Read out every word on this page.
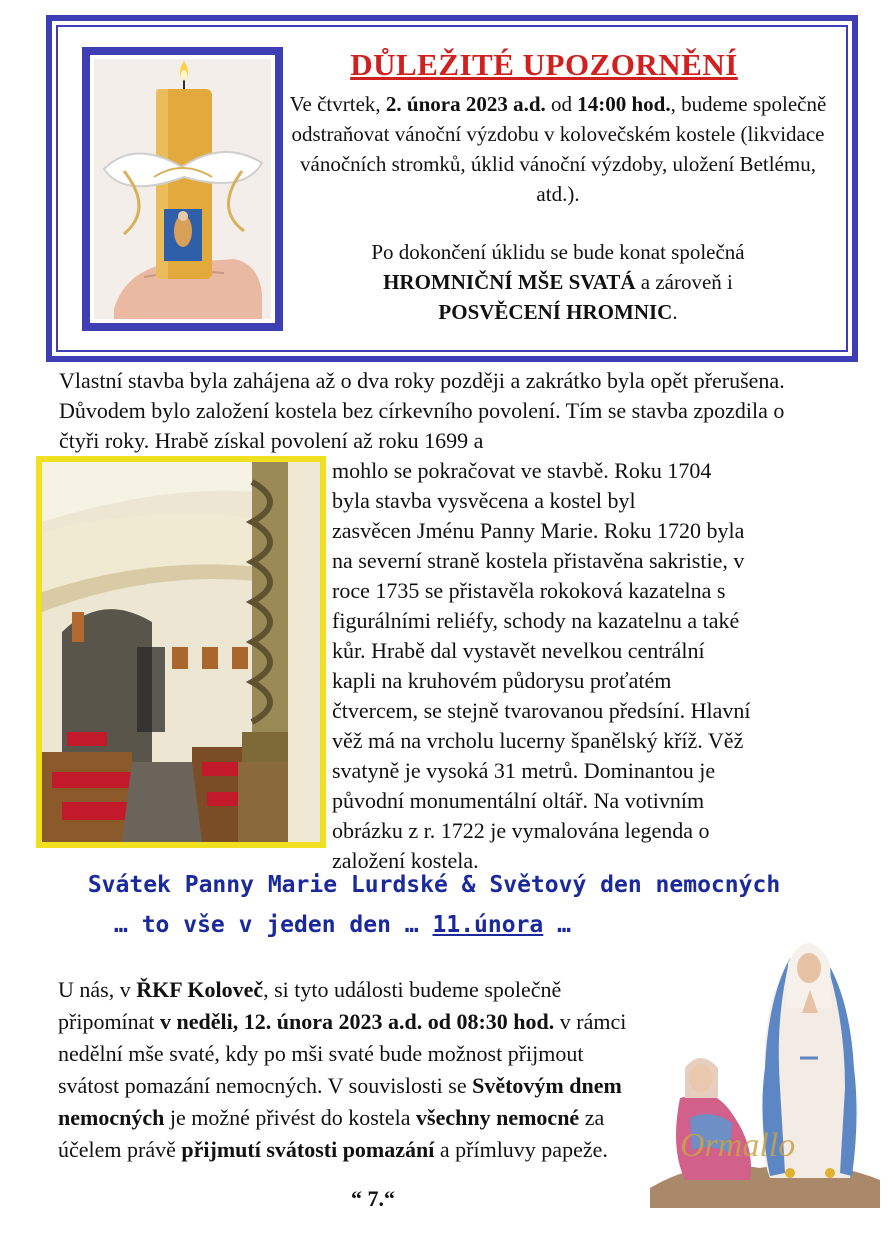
DŮLEŽITÉ UPOZORNĚNÍ

Ve čtvrtek, 2. února 2023 a.d. od 14:00 hod., budeme společně odstraňovat vánoční výzdobu v kolovečském kostele (likvidace vánočních stromků, úklid vánoční výzdoby, uložení Betlému, atd.).

Po dokončení úklidu se bude konat společná
HROMNIČNÍ MŠE SVATÁ a zároveň i
POSVĚCENÍ HROMNIC.

Vlastní stavba byla zahájena až o dva roky později a zakrátko byla opět přerušena. Důvodem bylo založení kostela bez církevního povolení. Tím se stavba zpozdila o čtyři roky. Hrabě získal povolení až roku 1699 a

mohlo se pokračovat ve stavbě. Roku 1704
byla stavba vysvěcena a kostel byl
zasvěcen Jménu Panny Marie. Roku 1720 byla
na severní straně kostela přistavěna sakristie, v
roce 1735 se přistavěla rokoková kazatelna s
figurálními reliéfy, schody na kazatelnu a také
kůr. Hrabě dal vystavět nevelkou centrální
kapli na kruhovém půdorysu proťatém
čtvercem, se stejně tvarovanou předsíní. Hlavní
věž má na vrcholu lucerny španělský kříž. Věž
svatyně je vysoká 31 metrů. Dominantou je
původní monumentální oltář. Na votivním
obrázku z r. 1722 je vymalována legenda o
založení kostela.

Svátek Panny Marie Lurdské & Světový den nemocných

… to vše v jeden den … 11.února …

U nás, v ŘKF Koloveč, si tyto události budeme společně připomínat v neděli, 12. února 2023 a.d. od 08:30 hod. v rámci nedělní mše svaté, kdy po mši svaté bude možnost přijmout svátost pomazání nemocných. V souvislosti se Světovým dnem nemocných je možné přivést do kostela všechny nemocné za účelem právě přijmutí svátosti pomazání a přímluvy papeže.	Ormallo

“ 7.“
